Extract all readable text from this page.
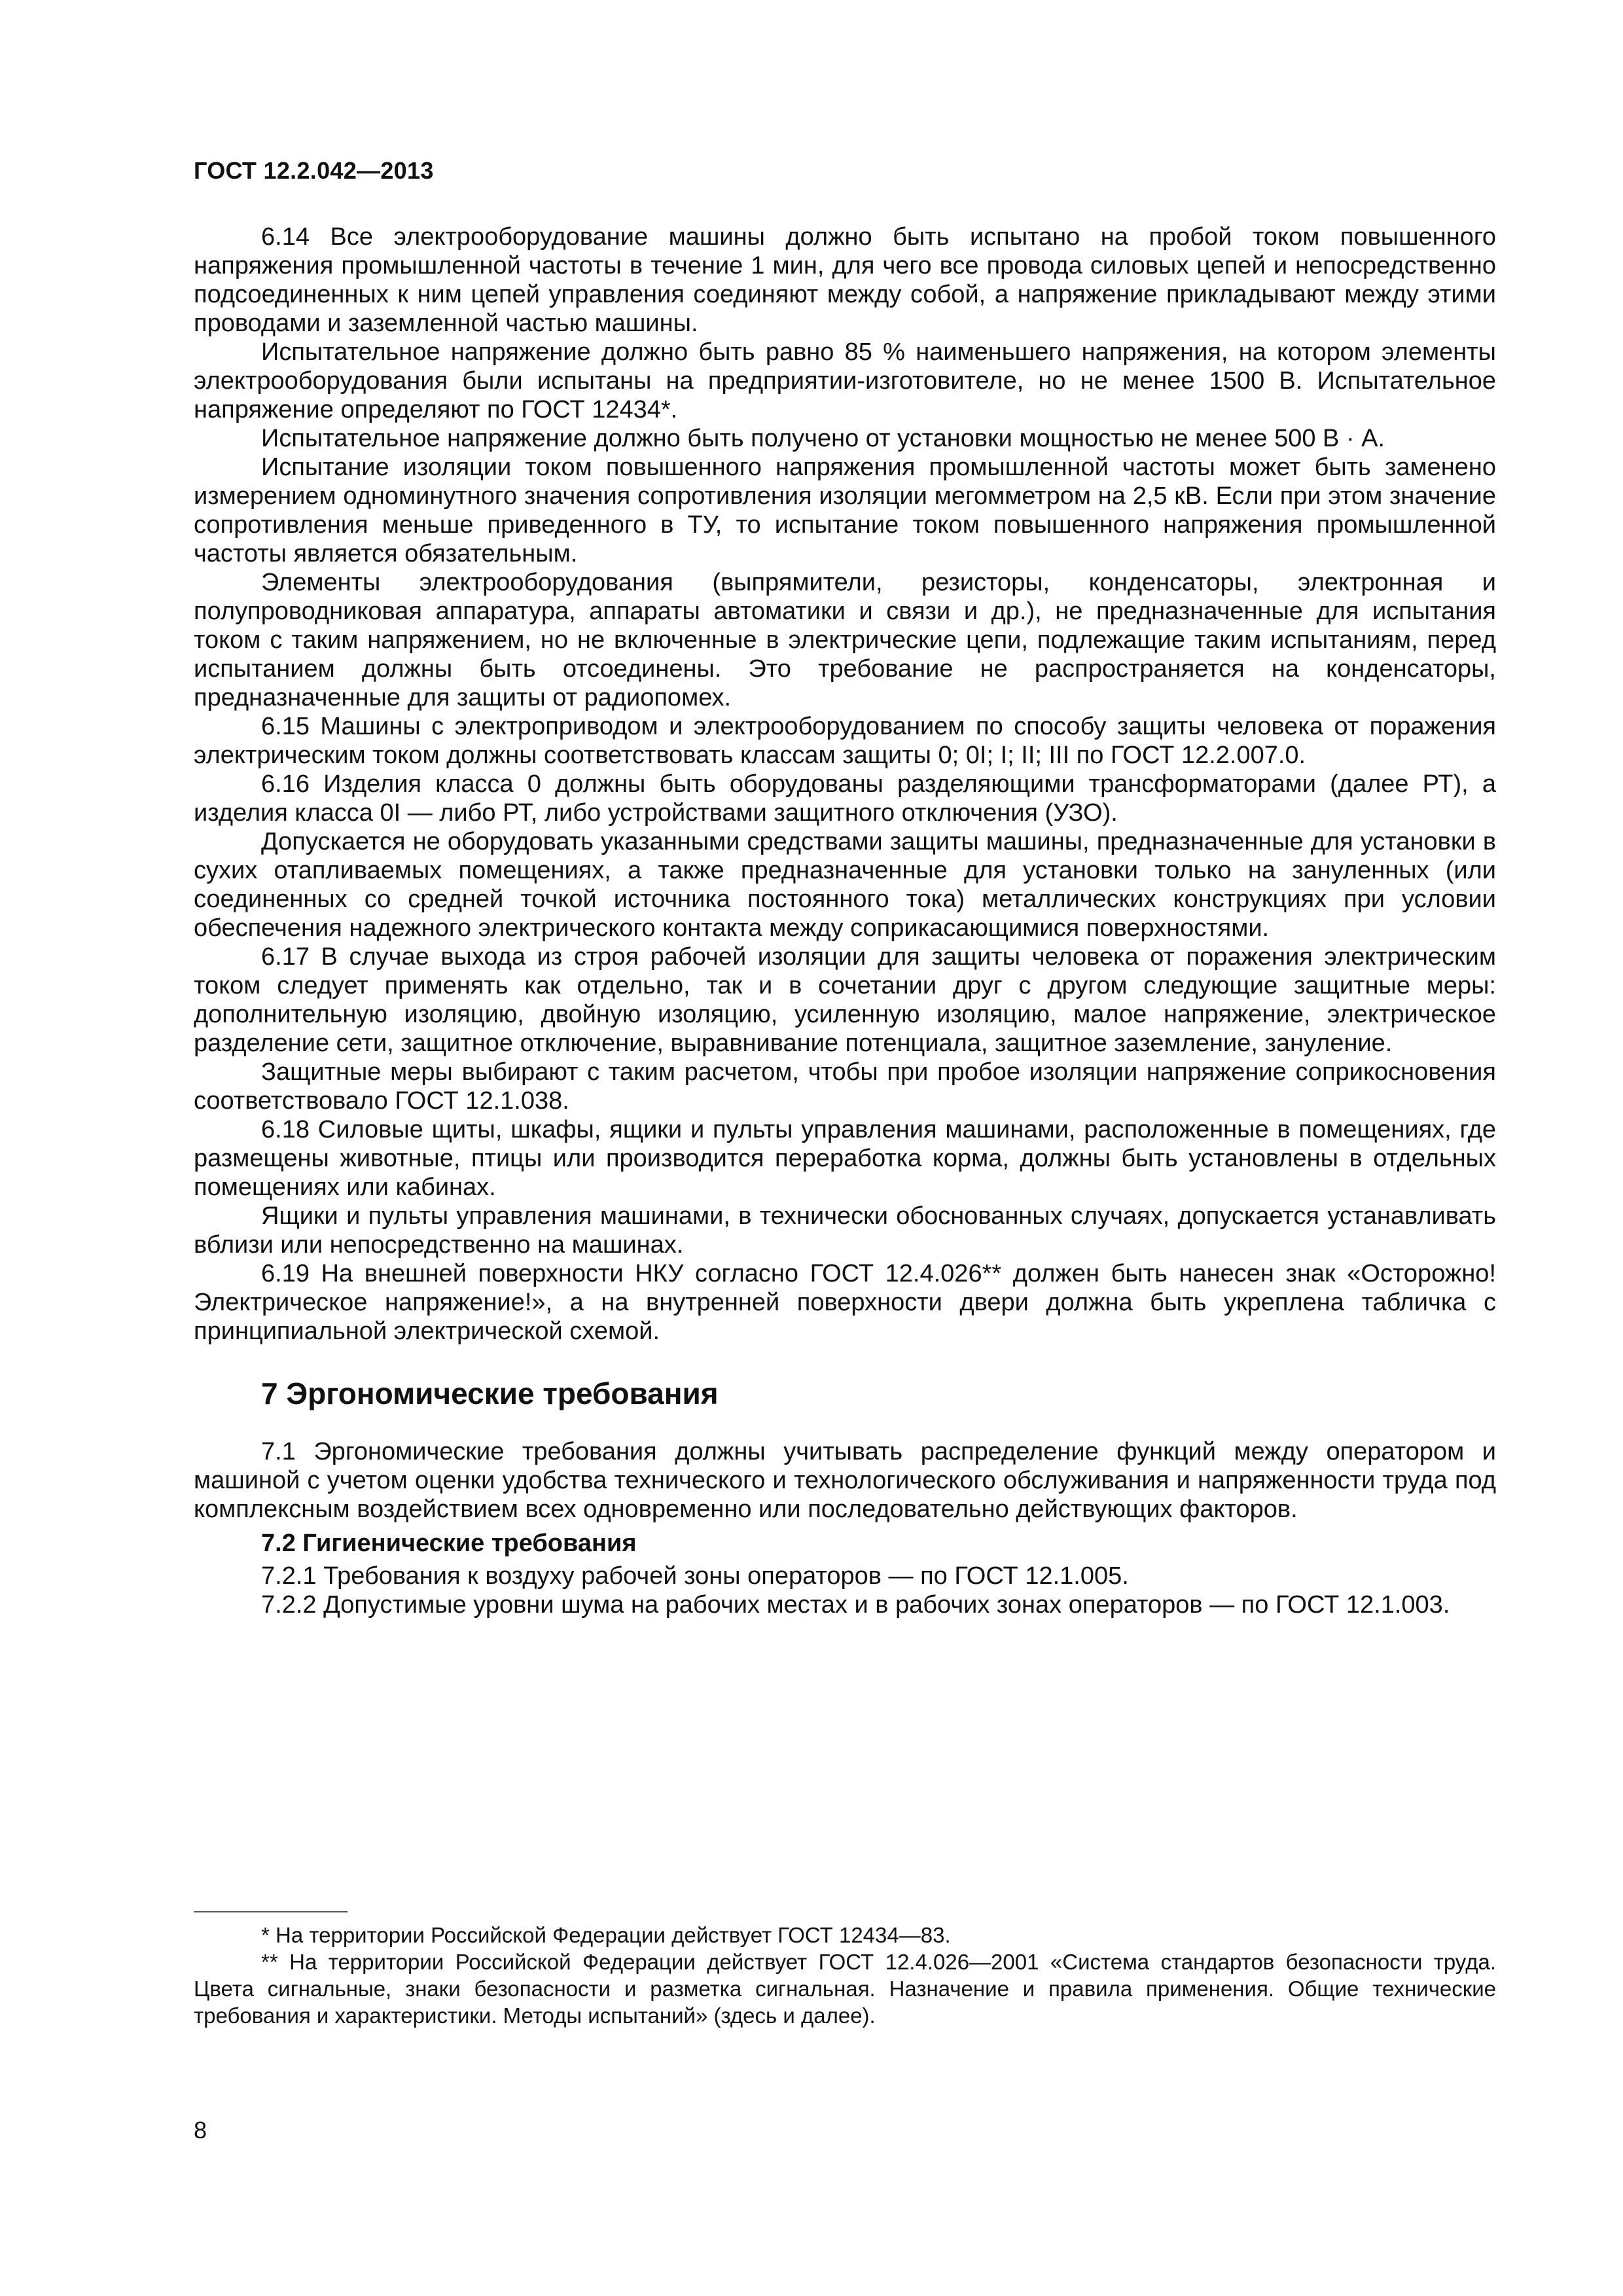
ГОСТ 12.2.042—2013

6.14 Все электрооборудование машины должно быть испытано на пробой током повышенного напряжения промышленной частоты в течение 1 мин, для чего все провода силовых цепей и непосредственно подсоединенных к ним цепей управления соединяют между собой, а напряжение прикладывают между этими проводами и заземленной частью машины.

Испытательное напряжение должно быть равно 85 % наименьшего напряжения, на котором элементы электрооборудования были испытаны на предприятии-изготовителе, но не менее 1500 В. Испытательное напряжение определяют по ГОСТ 12434*.

Испытательное напряжение должно быть получено от установки мощностью не менее 500 В · А.

Испытание изоляции током повышенного напряжения промышленной частоты может быть заменено измерением одноминутного значения сопротивления изоляции мегомметром на 2,5 кВ. Если при этом значение сопротивления меньше приведенного в ТУ, то испытание током повышенного напряжения промышленной частоты является обязательным.

Элементы электрооборудования (выпрямители, резисторы, конденсаторы, электронная и полупроводниковая аппаратура, аппараты автоматики и связи и др.), не предназначенные для испытания током с таким напряжением, но не включенные в электрические цепи, подлежащие таким испытаниям, перед испытанием должны быть отсоединены. Это требование не распространяется на конденсаторы, предназначенные для защиты от радиопомех.

6.15 Машины с электроприводом и электрооборудованием по способу защиты человека от поражения электрическим током должны соответствовать классам защиты 0; 0I; I; II; III по ГОСТ 12.2.007.0.

6.16 Изделия класса 0 должны быть оборудованы разделяющими трансформаторами (далее РТ), а изделия класса 0I — либо РТ, либо устройствами защитного отключения (УЗО).

Допускается не оборудовать указанными средствами защиты машины, предназначенные для установки в сухих отапливаемых помещениях, а также предназначенные для установки только на зануленных (или соединенных со средней точкой источника постоянного тока) металлических конструкциях при условии обеспечения надежного электрического контакта между соприкасающимися поверхностями.

6.17 В случае выхода из строя рабочей изоляции для защиты человека от поражения электрическим током следует применять как отдельно, так и в сочетании друг с другом следующие защитные меры: дополнительную изоляцию, двойную изоляцию, усиленную изоляцию, малое напряжение, электрическое разделение сети, защитное отключение, выравнивание потенциала, защитное заземление, зануление.

Защитные меры выбирают с таким расчетом, чтобы при пробое изоляции напряжение соприкосновения соответствовало ГОСТ 12.1.038.

6.18 Силовые щиты, шкафы, ящики и пульты управления машинами, расположенные в помещениях, где размещены животные, птицы или производится переработка корма, должны быть установлены в отдельных помещениях или кабинах.

Ящики и пульты управления машинами, в технически обоснованных случаях, допускается устанавливать вблизи или непосредственно на машинах.

6.19 На внешней поверхности НКУ согласно ГОСТ 12.4.026** должен быть нанесен знак «Осторожно! Электрическое напряжение!», а на внутренней поверхности двери должна быть укреплена табличка с принципиальной электрической схемой.

7 Эргономические требования

7.1 Эргономические требования должны учитывать распределение функций между оператором и машиной с учетом оценки удобства технического и технологического обслуживания и напряженности труда под комплексным воздействием всех одновременно или последовательно действующих факторов.

7.2 Гигиенические требования

7.2.1 Требования к воздуху рабочей зоны операторов — по ГОСТ 12.1.005.

7.2.2 Допустимые уровни шума на рабочих местах и в рабочих зонах операторов — по ГОСТ 12.1.003.

* На территории Российской Федерации действует ГОСТ 12434—83.

** На территории Российской Федерации действует ГОСТ 12.4.026—2001 «Система стандартов безопасности труда. Цвета сигнальные, знаки безопасности и разметка сигнальная. Назначение и правила применения. Общие технические требования и характеристики. Методы испытаний» (здесь и далее).

8
